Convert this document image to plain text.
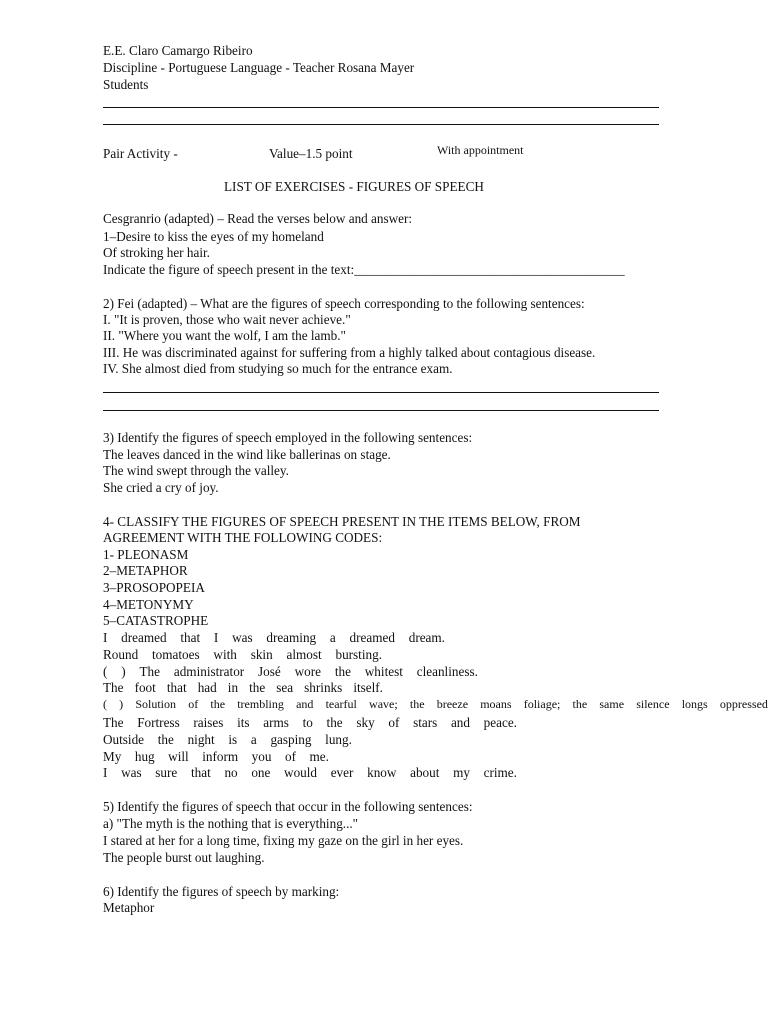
E.E. Claro Camargo Ribeiro
Discipline - Portuguese Language - Teacher Rosana Mayer
Students
Pair Activity -	Value–1.5 point	With appointment
LIST OF EXERCISES - FIGURES OF SPEECH
Cesgranrio (adapted) – Read the verses below and answer:
1–Desire to kiss the eyes of my homeland
Of stroking her hair.
Indicate the figure of speech present in the text:_________________________________________
2) Fei (adapted) – What are the figures of speech corresponding to the following sentences:
I. "It is proven, those who wait never achieve."
II. "Where you want the wolf, I am the lamb."
III. He was discriminated against for suffering from a highly talked about contagious disease.
IV. She almost died from studying so much for the entrance exam.
3) Identify the figures of speech employed in the following sentences:
The leaves danced in the wind like ballerinas on stage.
The wind swept through the valley.
She cried a cry of joy.
4- CLASSIFY THE FIGURES OF SPEECH PRESENT IN THE ITEMS BELOW, FROM
AGREEMENT WITH THE FOLLOWING CODES:
1- PLEONASM
2–METAPHOR
3–PROSOPOPEIA
4–METONYMY
5–CATASTROPHE
I dreamed that I was dreaming a dreamed dream.
Round tomatoes with skin almost bursting.
( ) The administrator José wore the whitest cleanliness.
The foot that had in the sea shrinks itself.
( ) Solution of the trembling and tearful wave; the breeze moans foliage; the same silence longs oppressed
The Fortress raises its arms to the sky of stars and peace.
Outside the night is a gasping lung.
My hug will inform you of me.
I was sure that no one would ever know about my crime.
5) Identify the figures of speech that occur in the following sentences:
a) "The myth is the nothing that is everything..."
I stared at her for a long time, fixing my gaze on the girl in her eyes.
The people burst out laughing.
6) Identify the figures of speech by marking:
Metaphor
